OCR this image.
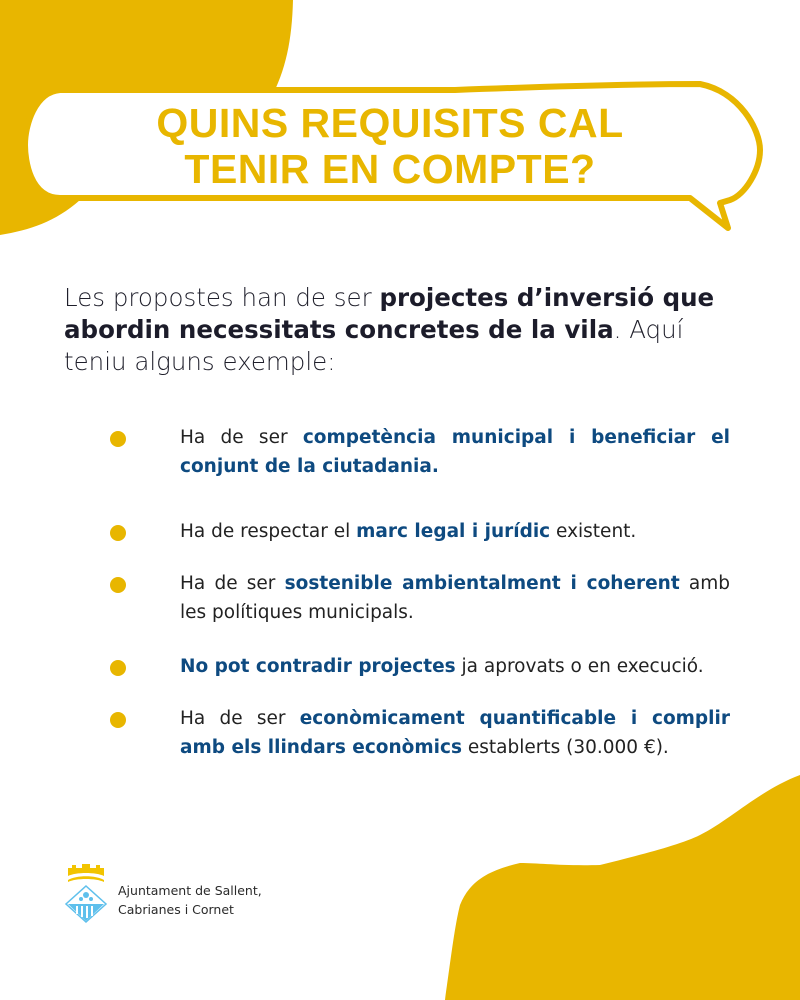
QUINS REQUISITS CAL
TENIR EN COMPTE?
Les propostes han de ser projectes d’inversió que abordin necessitats concretes de la vila. Aquí teniu alguns exemple:
Ha de ser competència municipal i beneficiar el conjunt de la ciutadania.
Ha de respectar el marc legal i jurídic existent.
Ha de ser sostenible ambientalment i coherent amb les polítiques municipals.
No pot contradir projectes ja aprovats o en execució.
Ha de ser econòmicament quantificable i complir amb els llindars econòmics establerts (30.000 €).
Ajuntament de Sallent,
Cabrianes i Cornet
